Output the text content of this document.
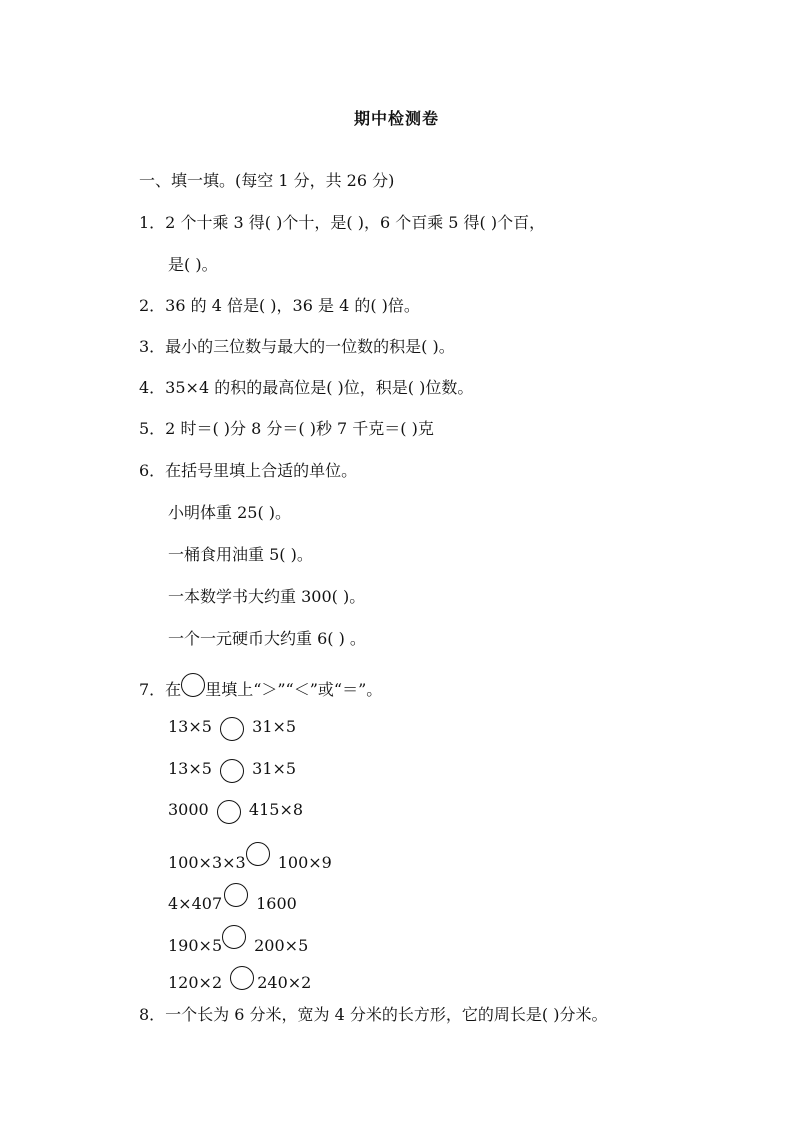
期中检测卷
一、填一填。(每空 1 分，共 26 分)
1．2 个十乘 3 得( )个十，是( )，6 个百乘 5 得( )个百，
是( )。
2．36 的 4 倍是( )，36 是 4 的( )倍。
3．最小的三位数与最大的一位数的积是( )。
4．35×4 的积的最高位是( )位，积是( )位数。
5．2 时＝( )分 8 分＝( )秒 7 千克＝( )克
6．在括号里填上合适的单位。
小明体重 25( )。
一桶食用油重 5( )。
一本数学书大约重 300( )。
一个一元硬币大约重 6( ) 。
7．在 里填上“＞”“＜”或“＝”。
13×5	31×5
13×5	31×5
3000	415×8
100×3×3 100×9
4×407 1600
190×5 200×5
120×2 240×2
8．一个长为 6 分米，宽为 4 分米的长方形，它的周长是( )分米。
